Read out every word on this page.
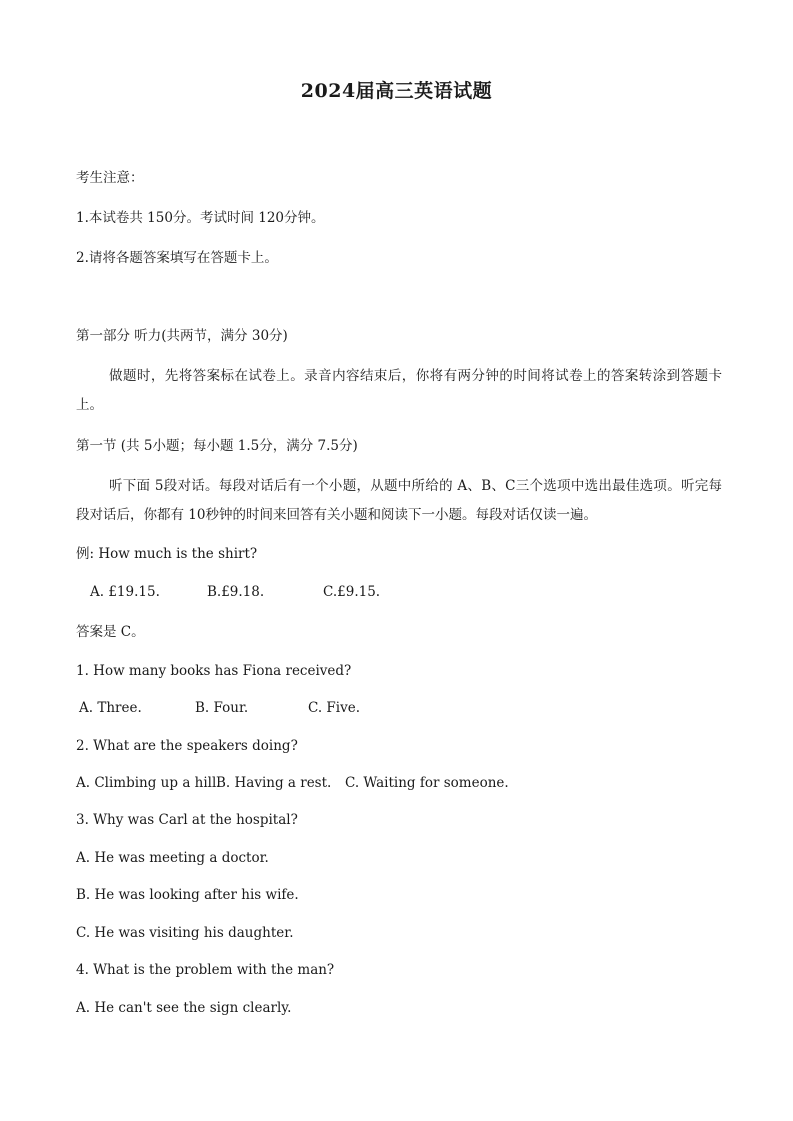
2024届高三英语试题
考生注意：
1.本试卷共 150分。考试时间 120分钟。
2.请将各题答案填写在答题卡上。
第一部分 听力(共两节，满分 30分)
做题时，先将答案标在试卷上。录音内容结束后，你将有两分钟的时间将试卷上的答案转涂到答题卡上。
第一节 (共 5小题；每小题 1.5分，满分 7.5分)
听下面 5段对话。每段对话后有一个小题，从题中所给的 A、B、C三个选项中选出最佳选项。听完每段对话后，你都有 10秒钟的时间来回答有关小题和阅读下一小题。每段对话仅读一遍。
例: How much is the shirt?
A. £19.15.	B.£9.18.	C.£9.15.
答案是 C。
1. How many books has Fiona received?
A. Three.	B. Four.	C. Five.
2. What are the speakers doing?
A. Climbing up a hill.
B. Having a rest. C. Waiting for someone.
3. Why was Carl at the hospital?
A. He was meeting a doctor.
B. He was looking after his wife.
C. He was visiting his daughter.
4. What is the problem with the man?
A. He can't see the sign clearly.
